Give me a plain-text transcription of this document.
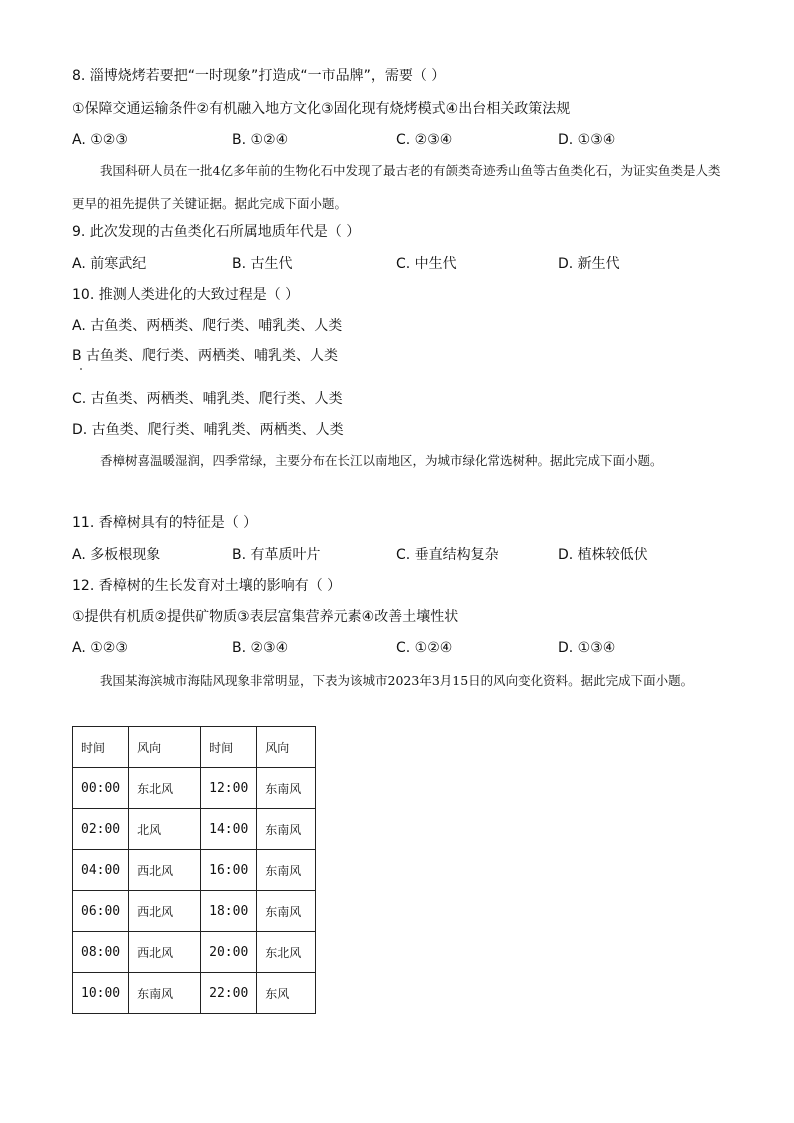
8. 淄博烧烤若要把“一时现象”打造成“一市品牌”，需要（ ）
①保障交通运输条件②有机融入地方文化③固化现有烧烤模式④出台相关政策法规
A. ①②③	B. ①②④	C. ②③④	D. ①③④
我国科研人员在一批4亿多年前的生物化石中发现了最古老的有颌类奇迹秀山鱼等古鱼类化石，为证实鱼类是人类更早的祖先提供了关键证据。据此完成下面小题。
9. 此次发现的古鱼类化石所属地质年代是（ ）
A. 前寒武纪	B. 古生代	C. 中生代	D. 新生代
10. 推测人类进化的大致过程是（ ）
A. 古鱼类、两栖类、爬行类、哺乳类、人类
B 古鱼类、爬行类、两栖类、哺乳类、人类
C. 古鱼类、两栖类、哺乳类、爬行类、人类
D. 古鱼类、爬行类、哺乳类、两栖类、人类
香樟树喜温暖湿润，四季常绿，主要分布在长江以南地区，为城市绿化常选树种。据此完成下面小题。
11. 香樟树具有的特征是（ ）
A. 多板根现象	B. 有革质叶片	C. 垂直结构复杂	D. 植株较低伏
12. 香樟树的生长发育对土壤的影响有（ ）
①提供有机质②提供矿物质③表层富集营养元素④改善土壤性状
A. ①②③	B. ②③④	C. ①②④	D. ①③④
我国某海滨城市海陆风现象非常明显，下表为该城市2023年3月15日的风向变化资料。据此完成下面小题。
时间	风向	时间	风向
00:00	东北风	12:00	东南风
02:00	北风	14:00	东南风
04:00	西北风	16:00	东南风
06:00	西北风	18:00	东南风
08:00	西北风	20:00	东北风
10:00	东南风	22:00	东风
